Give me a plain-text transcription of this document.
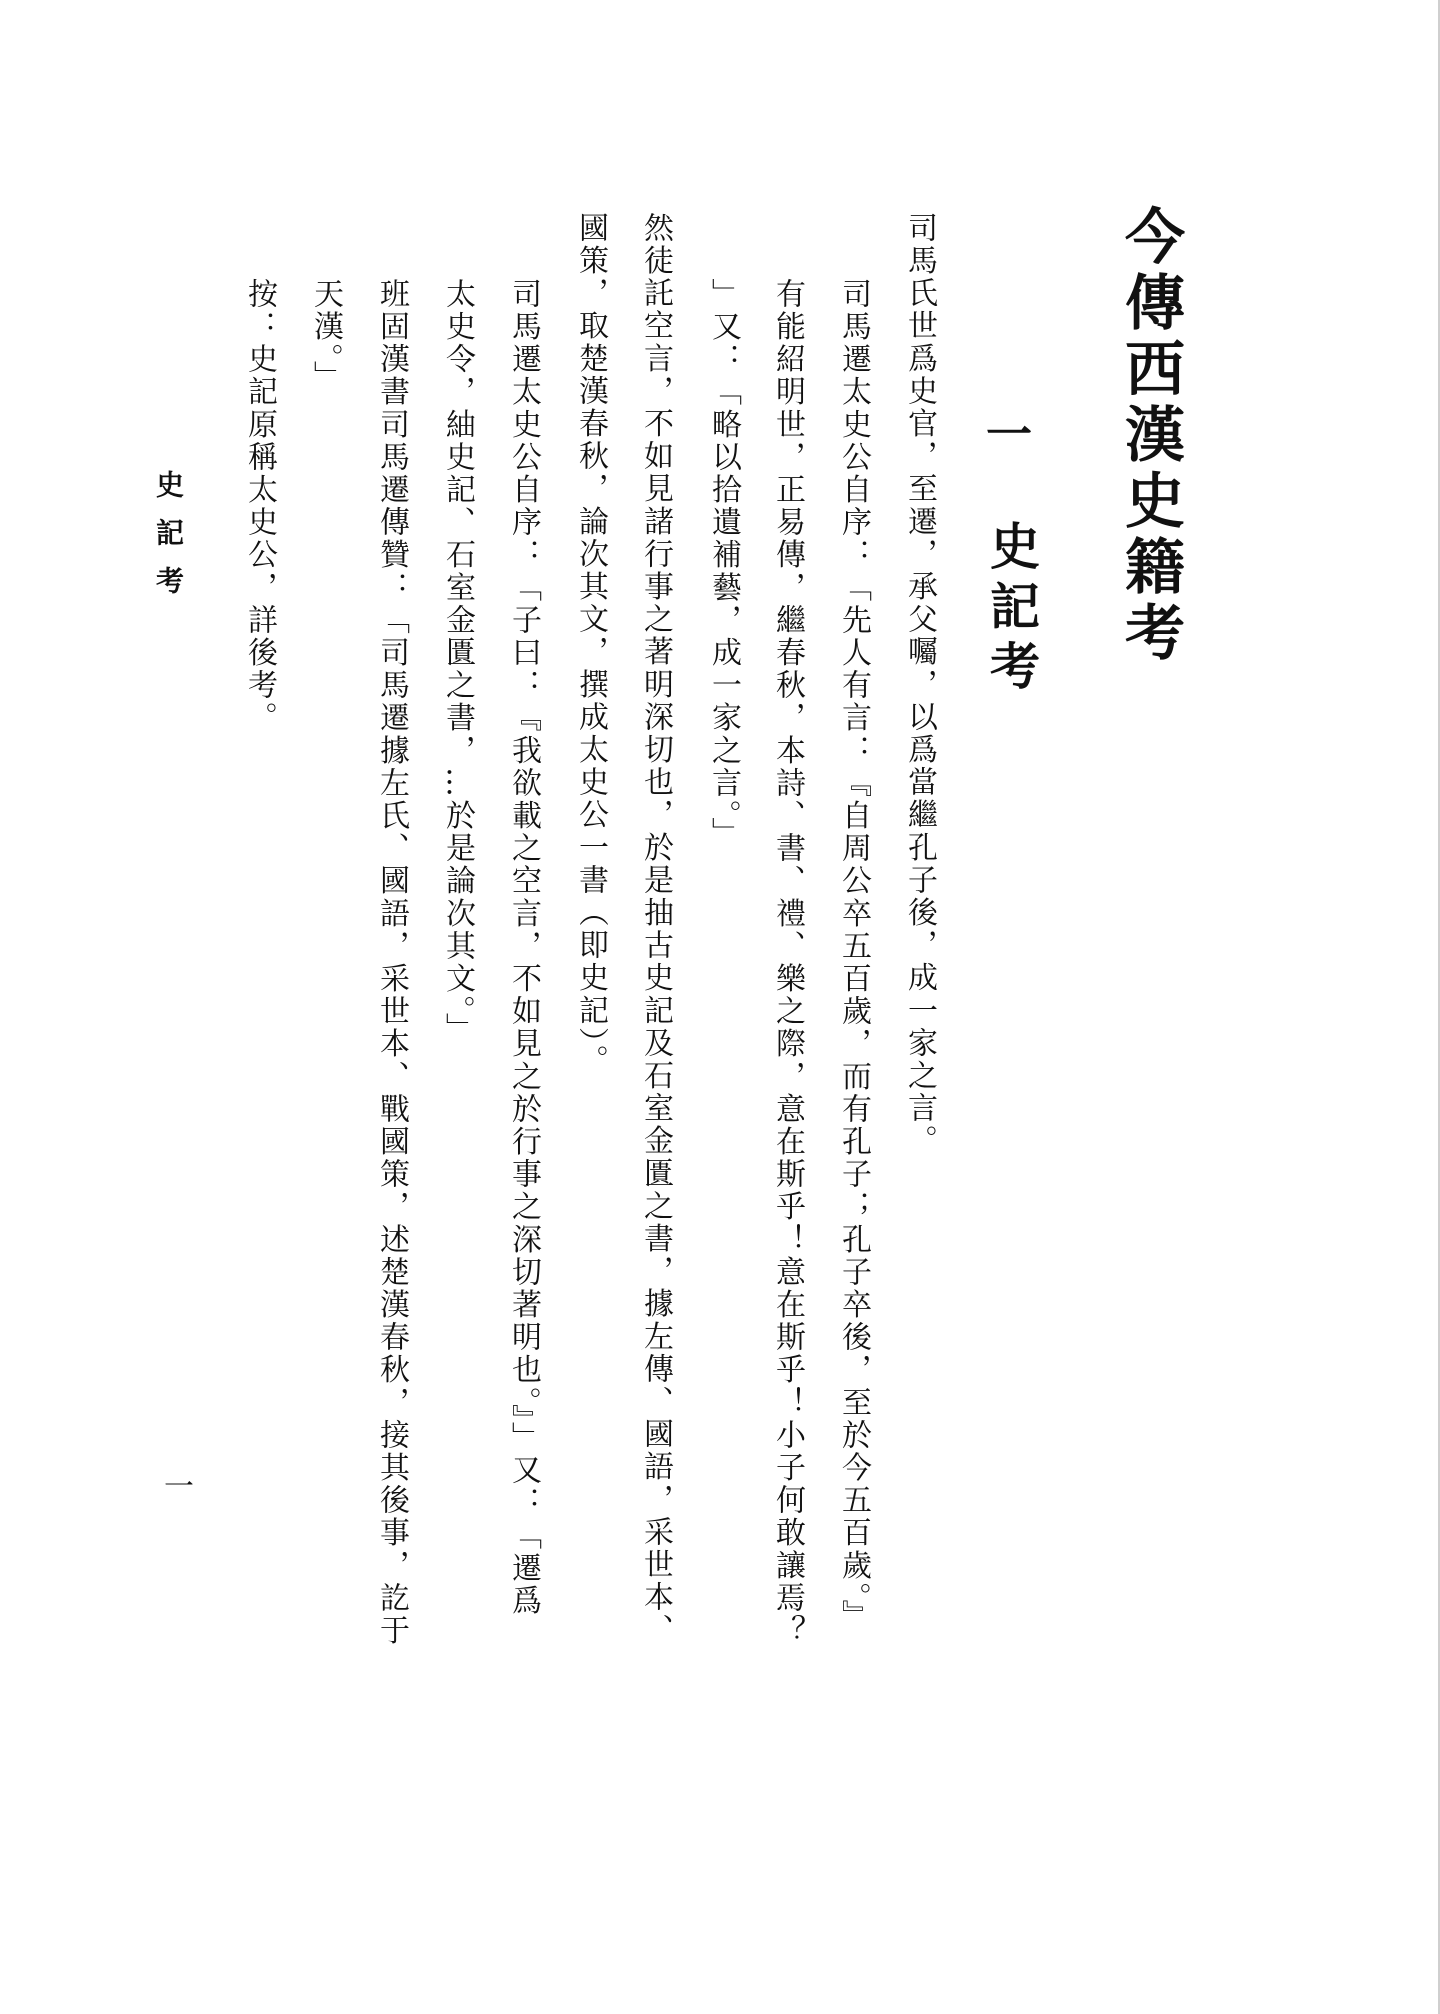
今傳西漢史籍考
一
史記考
司馬氏世爲史官，至遷，承父囑，以爲當繼孔子後，成一家之言。
司馬遷太史公自序：「先人有言：『自周公卒五百歲，而有孔子；孔子卒後，至於今五百歲。』
有能紹明世，正易傳，繼春秋，本詩、書、禮、樂之際，意在斯乎！意在斯乎！小子何敢讓焉？
」又：「略以拾遺補藝，成一家之言。」
然徒託空言，不如見諸行事之著明深切也，於是抽古史記及石室金匱之書，據左傳、國語，采世本、
國策，取楚漢春秋，論次其文，撰成太史公一書（即史記）。
司馬遷太史公自序：「子曰：『我欲載之空言，不如見之於行事之深切著明也。』」又：「遷爲
太史令，紬史記、石室金匱之書，…於是論次其文。」
班固漢書司馬遷傳贊：「司馬遷據左氏、國語，采世本、戰國策，述楚漢春秋，接其後事，訖于
天漢。」
按：史記原稱太史公，詳後考。
史記考
一
